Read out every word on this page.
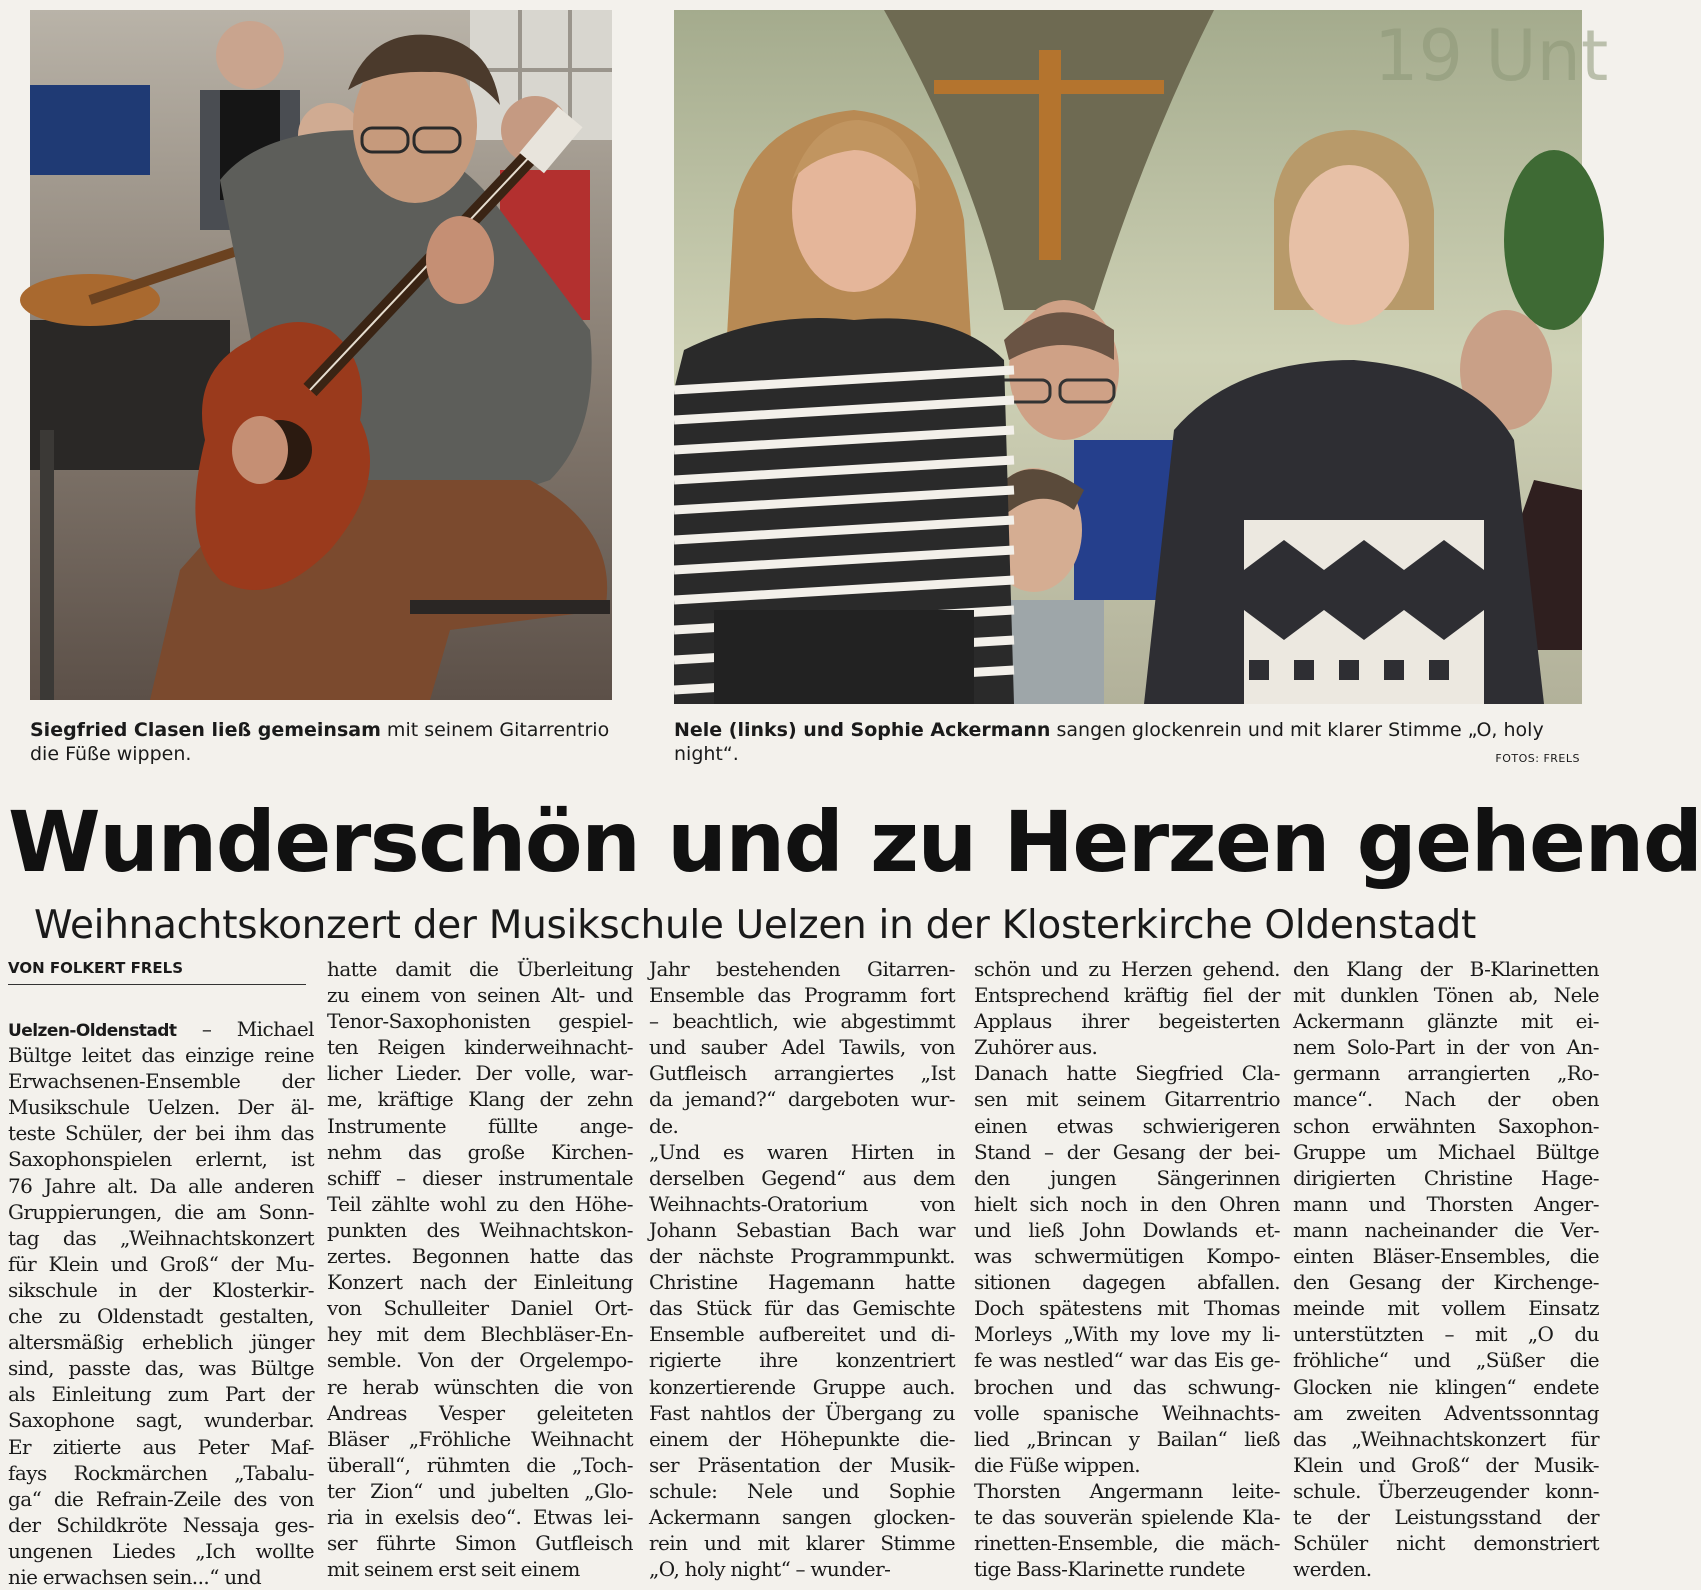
19 Unt
Siegfried Clasen ließ gemeinsam mit seinem Gitarrentrio die Füße wippen.
Nele (links) und Sophie Ackermann sangen glockenrein und mit klarer Stimme „O, holy night“.	FOTOS: FRELS
Wunderschön und zu Herzen gehend
Weihnachtskonzert der Musikschule Uelzen in der Klosterkirche Oldenstadt
VON FOLKERT FRELS
Uelzen-Oldenstadt – Michael
Bültge leitet das einzige reine
Erwachsenen-Ensemble der
Musikschule Uelzen. Der äl-
teste Schüler, der bei ihm das
Saxophonspielen erlernt, ist
76 Jahre alt. Da alle anderen
Gruppierungen, die am Sonn-
tag das „Weihnachtskonzert
für Klein und Groß“ der Mu-
sikschule in der Klosterkir-
che zu Oldenstadt gestalten,
altersmäßig erheblich jünger
sind, passte das, was Bültge
als Einleitung zum Part der
Saxophone sagt, wunderbar.
Er zitierte aus Peter Maf-
fays Rockmärchen „Tabalu-
ga“ die Refrain-Zeile des von
der Schildkröte Nessaja ges-
ungenen Liedes „Ich wollte
nie erwachsen sein...“ und
hatte damit die Überleitung
zu einem von seinen Alt- und
Tenor-Saxophonisten gespiel-
ten Reigen kinderweihnacht-
licher Lieder. Der volle, war-
me, kräftige Klang der zehn
Instrumente füllte ange-
nehm das große Kirchen-
schiff – dieser instrumentale
Teil zählte wohl zu den Höhe-
punkten des Weihnachtskon-
zertes. Begonnen hatte das
Konzert nach der Einleitung
von Schulleiter Daniel Ort-
hey mit dem Blechbläser-En-
semble. Von der Orgelempo-
re herab wünschten die von
Andreas Vesper geleiteten
Bläser „Fröhliche Weihnacht
überall“, rühmten die „Toch-
ter Zion“ und jubelten „Glo-
ria in exelsis deo“. Etwas lei-
ser führte Simon Gutfleisch
mit seinem erst seit einem
Jahr bestehenden Gitarren-
Ensemble das Programm fort
– beachtlich, wie abgestimmt
und sauber Adel Tawils, von
Gutfleisch arrangiertes „Ist
da jemand?“ dargeboten wur-
de.
„Und es waren Hirten in
derselben Gegend“ aus dem
Weihnachts-Oratorium von
Johann Sebastian Bach war
der nächste Programmpunkt.
Christine Hagemann hatte
das Stück für das Gemischte
Ensemble aufbereitet und di-
rigierte ihre konzentriert
konzertierende Gruppe auch.
Fast nahtlos der Übergang zu
einem der Höhepunkte die-
ser Präsentation der Musik-
schule: Nele und Sophie
Ackermann sangen glocken-
rein und mit klarer Stimme
„O, holy night“ – wunder-
schön und zu Herzen gehend.
Entsprechend kräftig fiel der
Applaus ihrer begeisterten
Zuhörer aus.
Danach hatte Siegfried Cla-
sen mit seinem Gitarrentrio
einen etwas schwierigeren
Stand – der Gesang der bei-
den jungen Sängerinnen
hielt sich noch in den Ohren
und ließ John Dowlands et-
was schwermütigen Kompo-
sitionen dagegen abfallen.
Doch spätestens mit Thomas
Morleys „With my love my li-
fe was nestled“ war das Eis ge-
brochen und das schwung-
volle spanische Weihnachts-
lied „Brincan y Bailan“ ließ
die Füße wippen.
Thorsten Angermann leite-
te das souverän spielende Kla-
rinetten-Ensemble, die mäch-
tige Bass-Klarinette rundete
den Klang der B-Klarinetten
mit dunklen Tönen ab, Nele
Ackermann glänzte mit ei-
nem Solo-Part in der von An-
germann arrangierten „Ro-
mance“. Nach der oben
schon erwähnten Saxophon-
Gruppe um Michael Bültge
dirigierten Christine Hage-
mann und Thorsten Anger-
mann nacheinander die Ver-
einten Bläser-Ensembles, die
den Gesang der Kirchenge-
meinde mit vollem Einsatz
unterstützten – mit „O du
fröhliche“ und „Süßer die
Glocken nie klingen“ endete
am zweiten Adventssonntag
das „Weihnachtskonzert für
Klein und Groß“ der Musik-
schule. Überzeugender konn-
te der Leistungsstand der
Schüler nicht demonstriert
werden.
